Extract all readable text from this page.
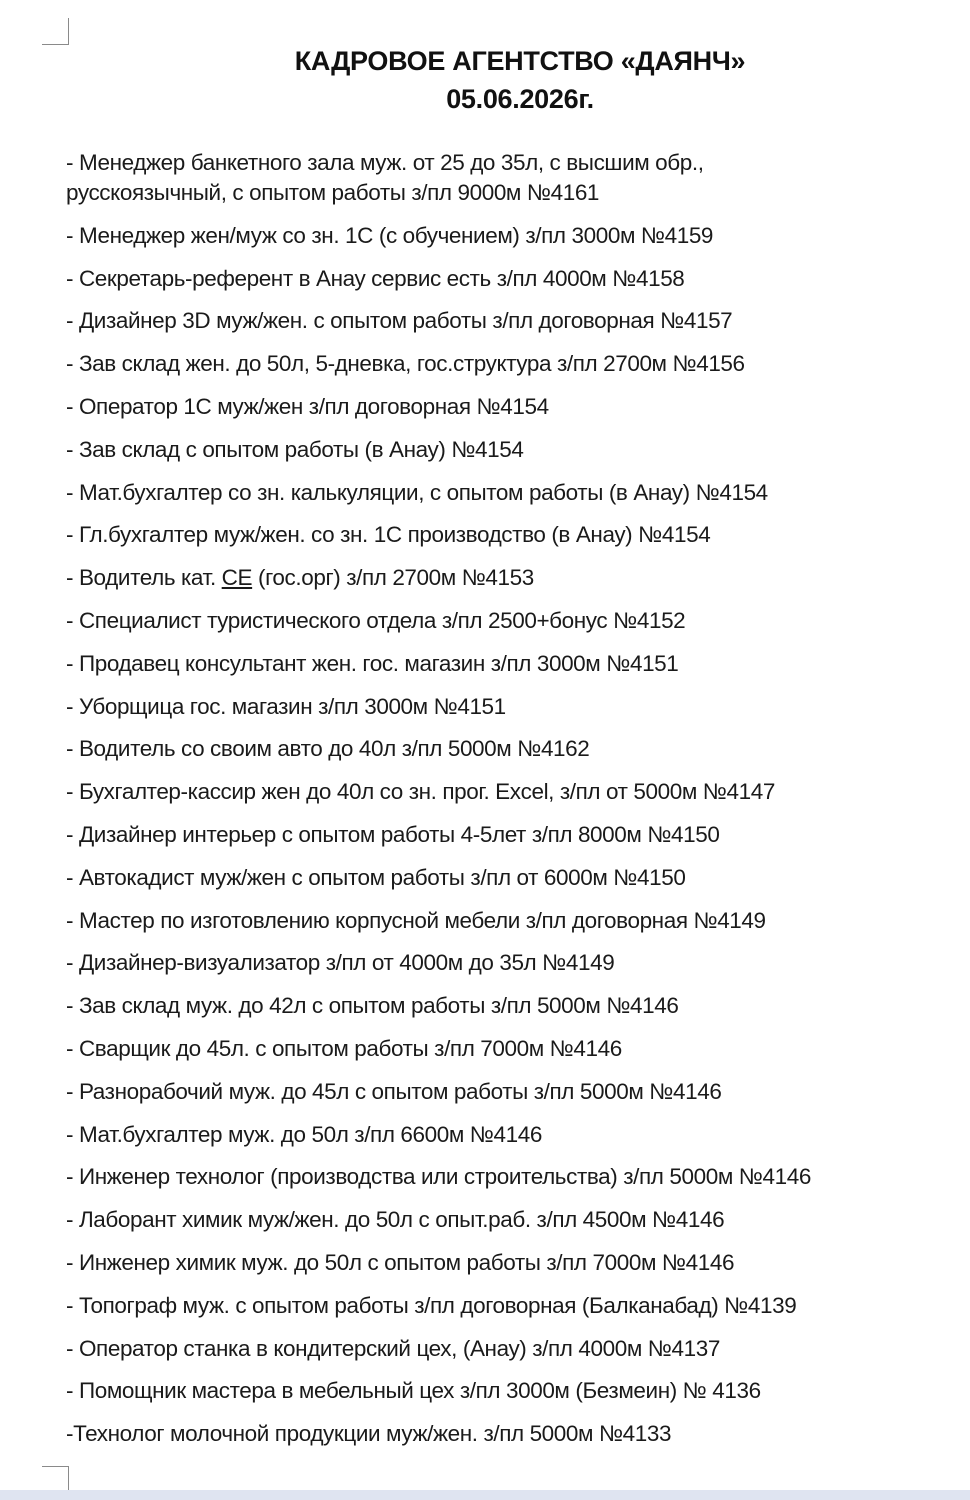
КАДРОВОЕ АГЕНТСТВО «ДАЯНЧ»
05.06.2026г.
- Менеджер банкетного зала муж. от 25 до 35л, с высшим обр., русскоязычный, с опытом работы з/пл 9000м №4161
- Менеджер жен/муж со зн. 1С (с обучением) з/пл 3000м №4159
- Секретарь-референт в Анау сервис есть з/пл 4000м №4158
- Дизайнер 3D муж/жен. с опытом работы з/пл договорная №4157
- Зав склад жен. до 50л, 5-дневка, гос.структура з/пл 2700м №4156
- Оператор 1С муж/жен з/пл договорная №4154
- Зав склад с опытом работы (в Анау) №4154
- Мат.бухгалтер со зн. калькуляции, с опытом работы (в Анау) №4154
- Гл.бухгалтер муж/жен. со зн. 1С производство (в Анау) №4154
- Водитель кат. CE (гос.орг) з/пл 2700м №4153
- Специалист туристического отдела з/пл 2500+бонус №4152
- Продавец консультант жен. гос. магазин з/пл 3000м №4151
- Уборщица гос. магазин з/пл 3000м №4151
- Водитель со своим авто до 40л з/пл 5000м №4162
- Бухгалтер-кассир жен до 40л со зн. прог. Excel, з/пл от 5000м №4147
- Дизайнер интерьер с опытом работы 4-5лет з/пл 8000м №4150
- Автокадист муж/жен с опытом работы з/пл от 6000м №4150
- Мастер по изготовлению корпусной мебели з/пл договорная №4149
- Дизайнер-визуализатор з/пл от 4000м до 35л №4149
- Зав склад муж. до 42л с опытом работы з/пл 5000м №4146
- Сварщик до 45л. с опытом работы з/пл 7000м №4146
- Разнорабочий муж. до 45л с опытом работы з/пл 5000м №4146
- Мат.бухгалтер муж. до 50л з/пл 6600м №4146
- Инженер технолог (производства или строительства) з/пл 5000м №4146
- Лаборант химик муж/жен. до 50л с опыт.раб. з/пл 4500м №4146
- Инженер химик муж. до 50л с опытом работы з/пл 7000м №4146
- Топограф муж. с опытом работы з/пл договорная (Балканабад) №4139
- Оператор станка в кондитерский цех, (Анау) з/пл 4000м №4137
- Помощник мастера в мебельный цех з/пл 3000м (Безмеин) № 4136
-Технолог молочной продукции муж/жен. з/пл 5000м №4133
